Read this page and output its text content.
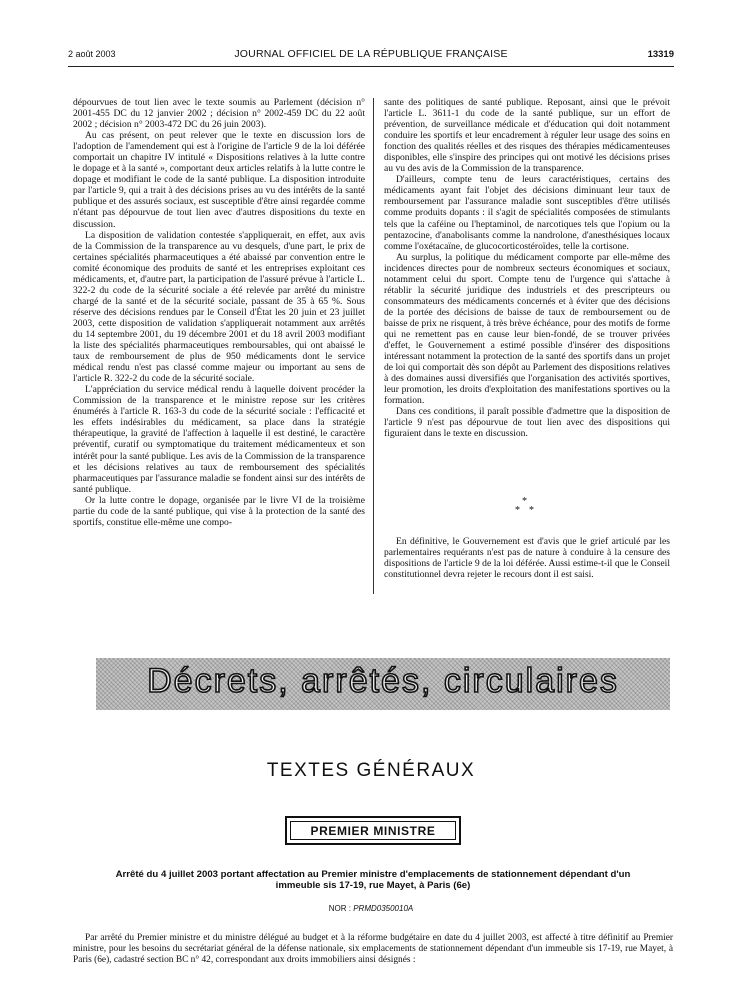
2 août 2003	JOURNAL OFFICIEL DE LA RÉPUBLIQUE FRANÇAISE	13319

dépourvues de tout lien avec le texte soumis au Parlement (décision n° 2001-455 DC du 12 janvier 2002 ; décision n° 2002-459 DC du 22 août 2002 ; décision n° 2003-472 DC du 26 juin 2003).

Au cas présent, on peut relever que le texte en discussion lors de l'adoption de l'amendement qui est à l'origine de l'article 9 de la loi déférée comportait un chapitre IV intitulé « Dispositions relatives à la lutte contre le dopage et à la santé », comportant deux articles relatifs à la lutte contre le dopage et modifiant le code de la santé publique. La disposition introduite par l'article 9, qui a trait à des décisions prises au vu des intérêts de la santé publique et des assurés sociaux, est susceptible d'être ainsi regardée comme n'étant pas dépourvue de tout lien avec d'autres dispositions du texte en discussion.

La disposition de validation contestée s'appliquerait, en effet, aux avis de la Commission de la transparence au vu desquels, d'une part, le prix de certaines spécialités pharmaceutiques a été abaissé par convention entre le comité économique des produits de santé et les entreprises exploitant ces médicaments, et, d'autre part, la participation de l'assuré prévue à l'article L. 322-2 du code de la sécurité sociale a été relevée par arrêté du ministre chargé de la santé et de la sécurité sociale, passant de 35 à 65 %. Sous réserve des décisions rendues par le Conseil d'État les 20 juin et 23 juillet 2003, cette disposition de validation s'appliquerait notamment aux arrêtés du 14 septembre 2001, du 19 décembre 2001 et du 18 avril 2003 modifiant la liste des spécialités pharmaceutiques remboursables, qui ont abaissé le taux de remboursement de plus de 950 médicaments dont le service médical rendu n'est pas classé comme majeur ou important au sens de l'article R. 322-2 du code de la sécurité sociale.

L'appréciation du service médical rendu à laquelle doivent procéder la Commission de la transparence et le ministre repose sur les critères énumérés à l'article R. 163-3 du code de la sécurité sociale : l'efficacité et les effets indésirables du médicament, sa place dans la stratégie thérapeutique, la gravité de l'affection à laquelle il est destiné, le caractère préventif, curatif ou symptomatique du traitement médicamenteux et son intérêt pour la santé publique. Les avis de la Commission de la transparence et les décisions relatives au taux de remboursement des spécialités pharmaceutiques par l'assurance maladie se fondent ainsi sur des intérêts de santé publique.

Or la lutte contre le dopage, organisée par le livre VI de la troisième partie du code de la santé publique, qui vise à la protection de la santé des sportifs, constitue elle-même une compo-

sante des politiques de santé publique. Reposant, ainsi que le prévoit l'article L. 3611-1 du code de la santé publique, sur un effort de prévention, de surveillance médicale et d'éducation qui doit notamment conduire les sportifs et leur encadrement à réguler leur usage des soins en fonction des qualités réelles et des risques des thérapies médicamenteuses disponibles, elle s'inspire des principes qui ont motivé les décisions prises au vu des avis de la Commission de la transparence.

D'ailleurs, compte tenu de leurs caractéristiques, certains des médicaments ayant fait l'objet des décisions diminuant leur taux de remboursement par l'assurance maladie sont susceptibles d'être utilisés comme produits dopants : il s'agit de spécialités composées de stimulants tels que la caféine ou l'heptaminol, de narcotiques tels que l'opium ou la pentazocine, d'anabolisants comme la nandrolone, d'anesthésiques locaux comme l'oxétacaïne, de glucocorticostéroïdes, telle la cortisone.

Au surplus, la politique du médicament comporte par elle-même des incidences directes pour de nombreux secteurs économiques et sociaux, notamment celui du sport. Compte tenu de l'urgence qui s'attache à rétablir la sécurité juridique des industriels et des prescripteurs ou consommateurs des médicaments concernés et à éviter que des décisions de la portée des décisions de baisse de taux de remboursement ou de baisse de prix ne risquent, à très brève échéance, pour des motifs de forme qui ne remettent pas en cause leur bien-fondé, de se trouver privées d'effet, le Gouvernement a estimé possible d'insérer des dispositions intéressant notamment la protection de la santé des sportifs dans un projet de loi qui comportait dès son dépôt au Parlement des dispositions relatives à des domaines aussi diversifiés que l'organisation des activités sportives, leur promotion, les droits d'exploitation des manifestations sportives ou la formation.

Dans ces conditions, il paraît possible d'admettre que la disposition de l'article 9 n'est pas dépourvue de tout lien avec des dispositions qui figuraient dans le texte en discussion.

*
* *

En définitive, le Gouvernement est d'avis que le grief articulé par les parlementaires requérants n'est pas de nature à conduire à la censure des dispositions de l'article 9 de la loi déférée. Aussi estime-t-il que le Conseil constitutionnel devra rejeter le recours dont il est saisi.

Décrets, arrêtés, circulaires
TEXTES GÉNÉRAUX
PREMIER MINISTRE
Arrêté du 4 juillet 2003 portant affectation au Premier ministre d'emplacements de stationnement dépendant d'un immeuble sis 17-19, rue Mayet, à Paris (6e)
NOR : PRMD0350010A

Par arrêté du Premier ministre et du ministre délégué au budget et à la réforme budgétaire en date du 4 juillet 2003, est affecté à titre définitif au Premier ministre, pour les besoins du secrétariat général de la défense nationale, six emplacements de stationnement dépendant d'un immeuble sis 17-19, rue Mayet, à Paris (6e), cadastré section BC n° 42, correspondant aux droits immobiliers ainsi désignés :
